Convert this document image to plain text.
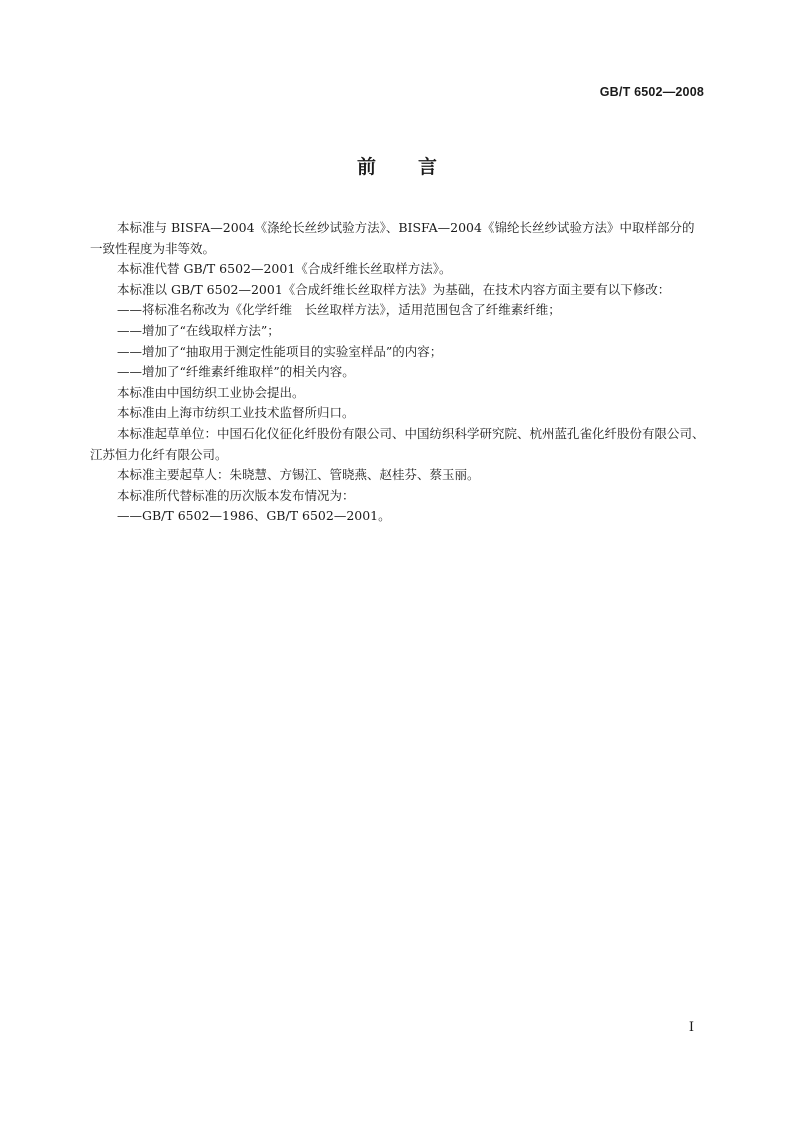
GB/T 6502—2008
前 言

本标准与 BISFA—2004《涤纶长丝纱试验方法》、BISFA—2004《锦纶长丝纱试验方法》中取样部分的一致性程度为非等效。

本标准代替 GB/T 6502—2001《合成纤维长丝取样方法》。

本标准以 GB/T 6502—2001《合成纤维长丝取样方法》为基础，在技术内容方面主要有以下修改：

——将标准名称改为《化学纤维　长丝取样方法》，适用范围包含了纤维素纤维；

——增加了“在线取样方法”；

——增加了“抽取用于测定性能项目的实验室样品”的内容；

——增加了“纤维素纤维取样”的相关内容。

本标准由中国纺织工业协会提出。

本标准由上海市纺织工业技术监督所归口。

本标准起草单位：中国石化仪征化纤股份有限公司、中国纺织科学研究院、杭州蓝孔雀化纤股份有限公司、江苏恒力化纤有限公司。

本标准主要起草人：朱晓慧、方锡江、管晓燕、赵桂芬、蔡玉丽。

本标准所代替标准的历次版本发布情况为：

——GB/T 6502—1986、GB/T 6502—2001。

I
